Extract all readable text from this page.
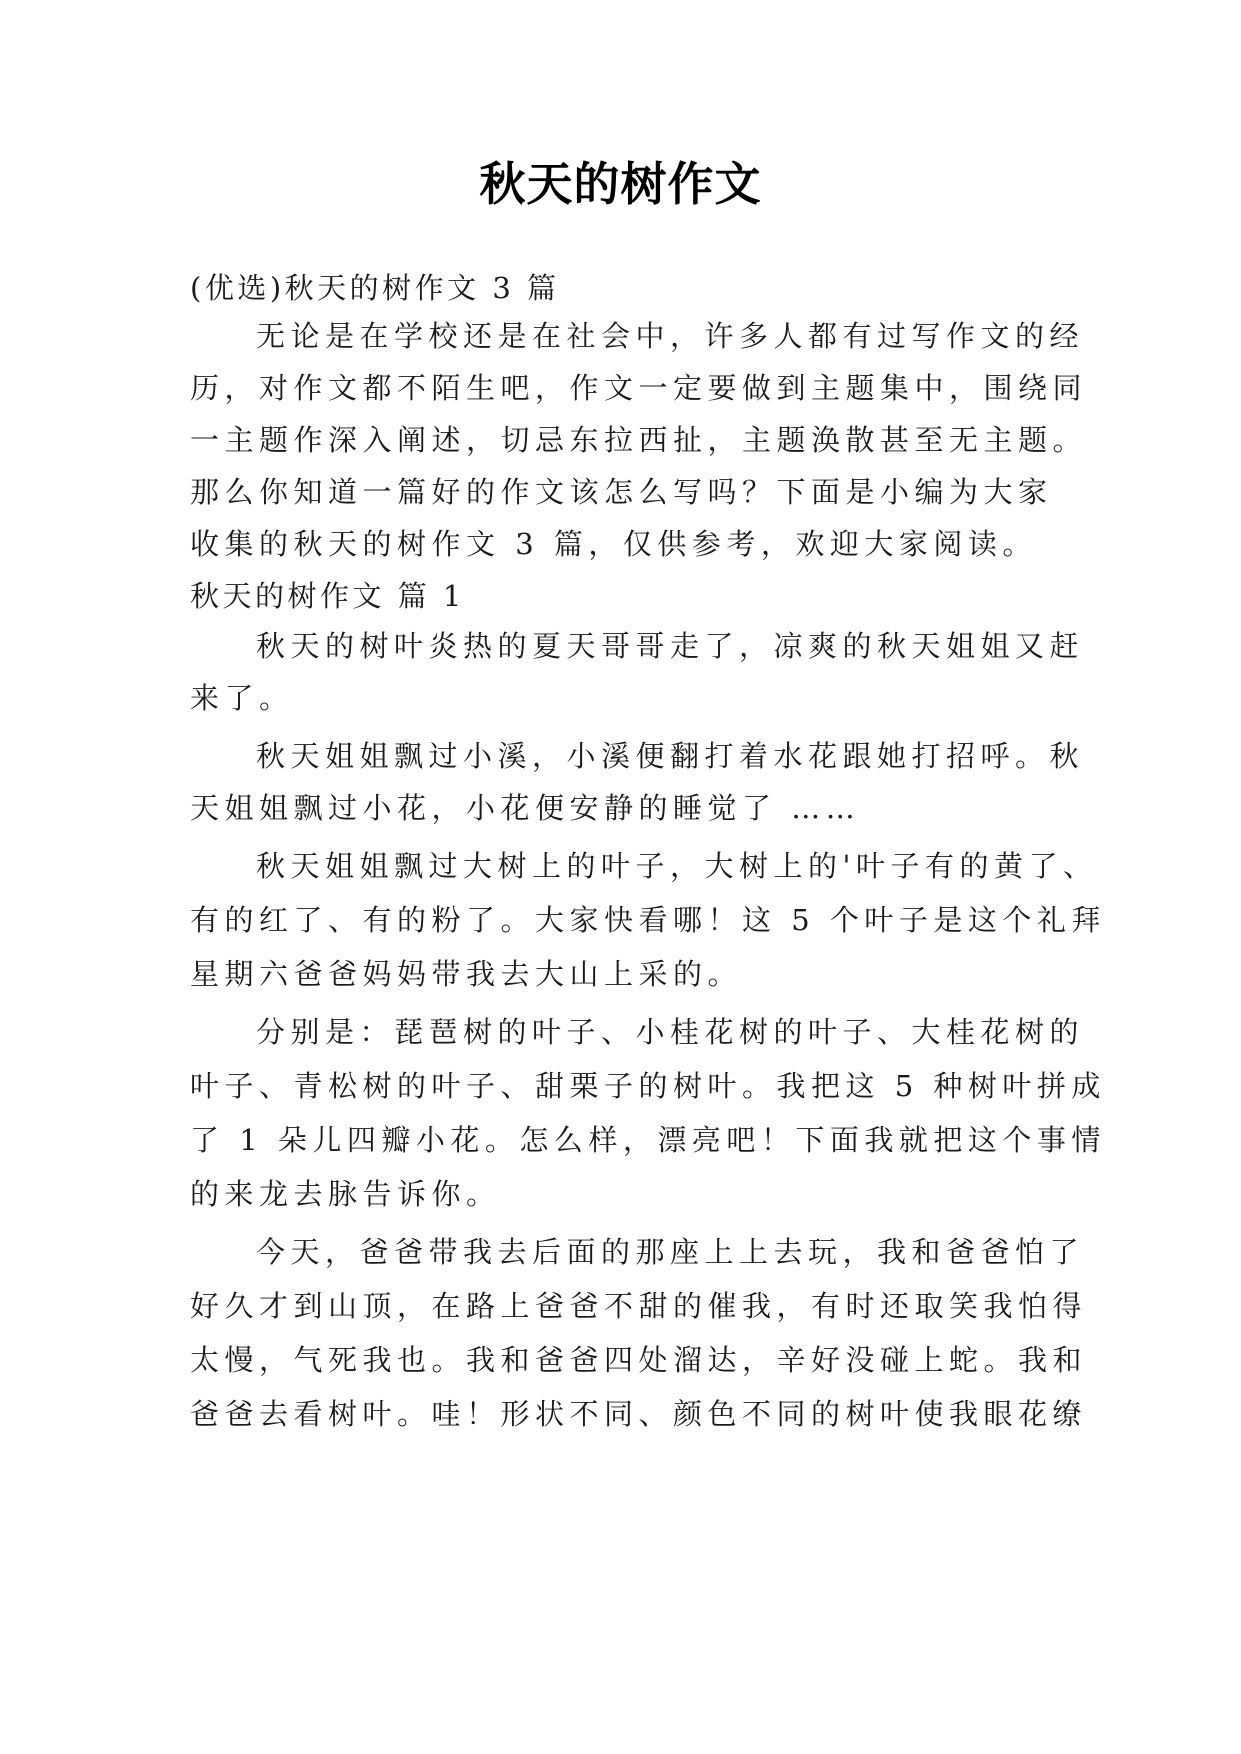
秋天的树作文
(优选)秋天的树作文 3 篇
无论是在学校还是在社会中，许多人都有过写作文的经
历，对作文都不陌生吧，作文一定要做到主题集中，围绕同
一主题作深入阐述，切忌东拉西扯，主题涣散甚至无主题。
那么你知道一篇好的作文该怎么写吗？下面是小编为大家
收集的秋天的树作文 3 篇，仅供参考，欢迎大家阅读。
秋天的树作文 篇 1
秋天的树叶炎热的夏天哥哥走了，凉爽的秋天姐姐又赶
来了。
秋天姐姐飘过小溪，小溪便翻打着水花跟她打招呼。秋
天姐姐飘过小花，小花便安静的睡觉了 ……
秋天姐姐飘过大树上的叶子，大树上的'叶子有的黄了、
有的红了、有的粉了。大家快看哪！这 5 个叶子是这个礼拜
星期六爸爸妈妈带我去大山上采的。
分别是：琵琶树的叶子、小桂花树的叶子、大桂花树的
叶子、青松树的叶子、甜栗子的树叶。我把这 5 种树叶拼成
了 1 朵儿四瓣小花。怎么样，漂亮吧！下面我就把这个事情
的来龙去脉告诉你。
今天，爸爸带我去后面的那座上上去玩，我和爸爸怕了
好久才到山顶，在路上爸爸不甜的催我，有时还取笑我怕得
太慢，气死我也。我和爸爸四处溜达，辛好没碰上蛇。我和
爸爸去看树叶。哇！形状不同、颜色不同的树叶使我眼花缭
